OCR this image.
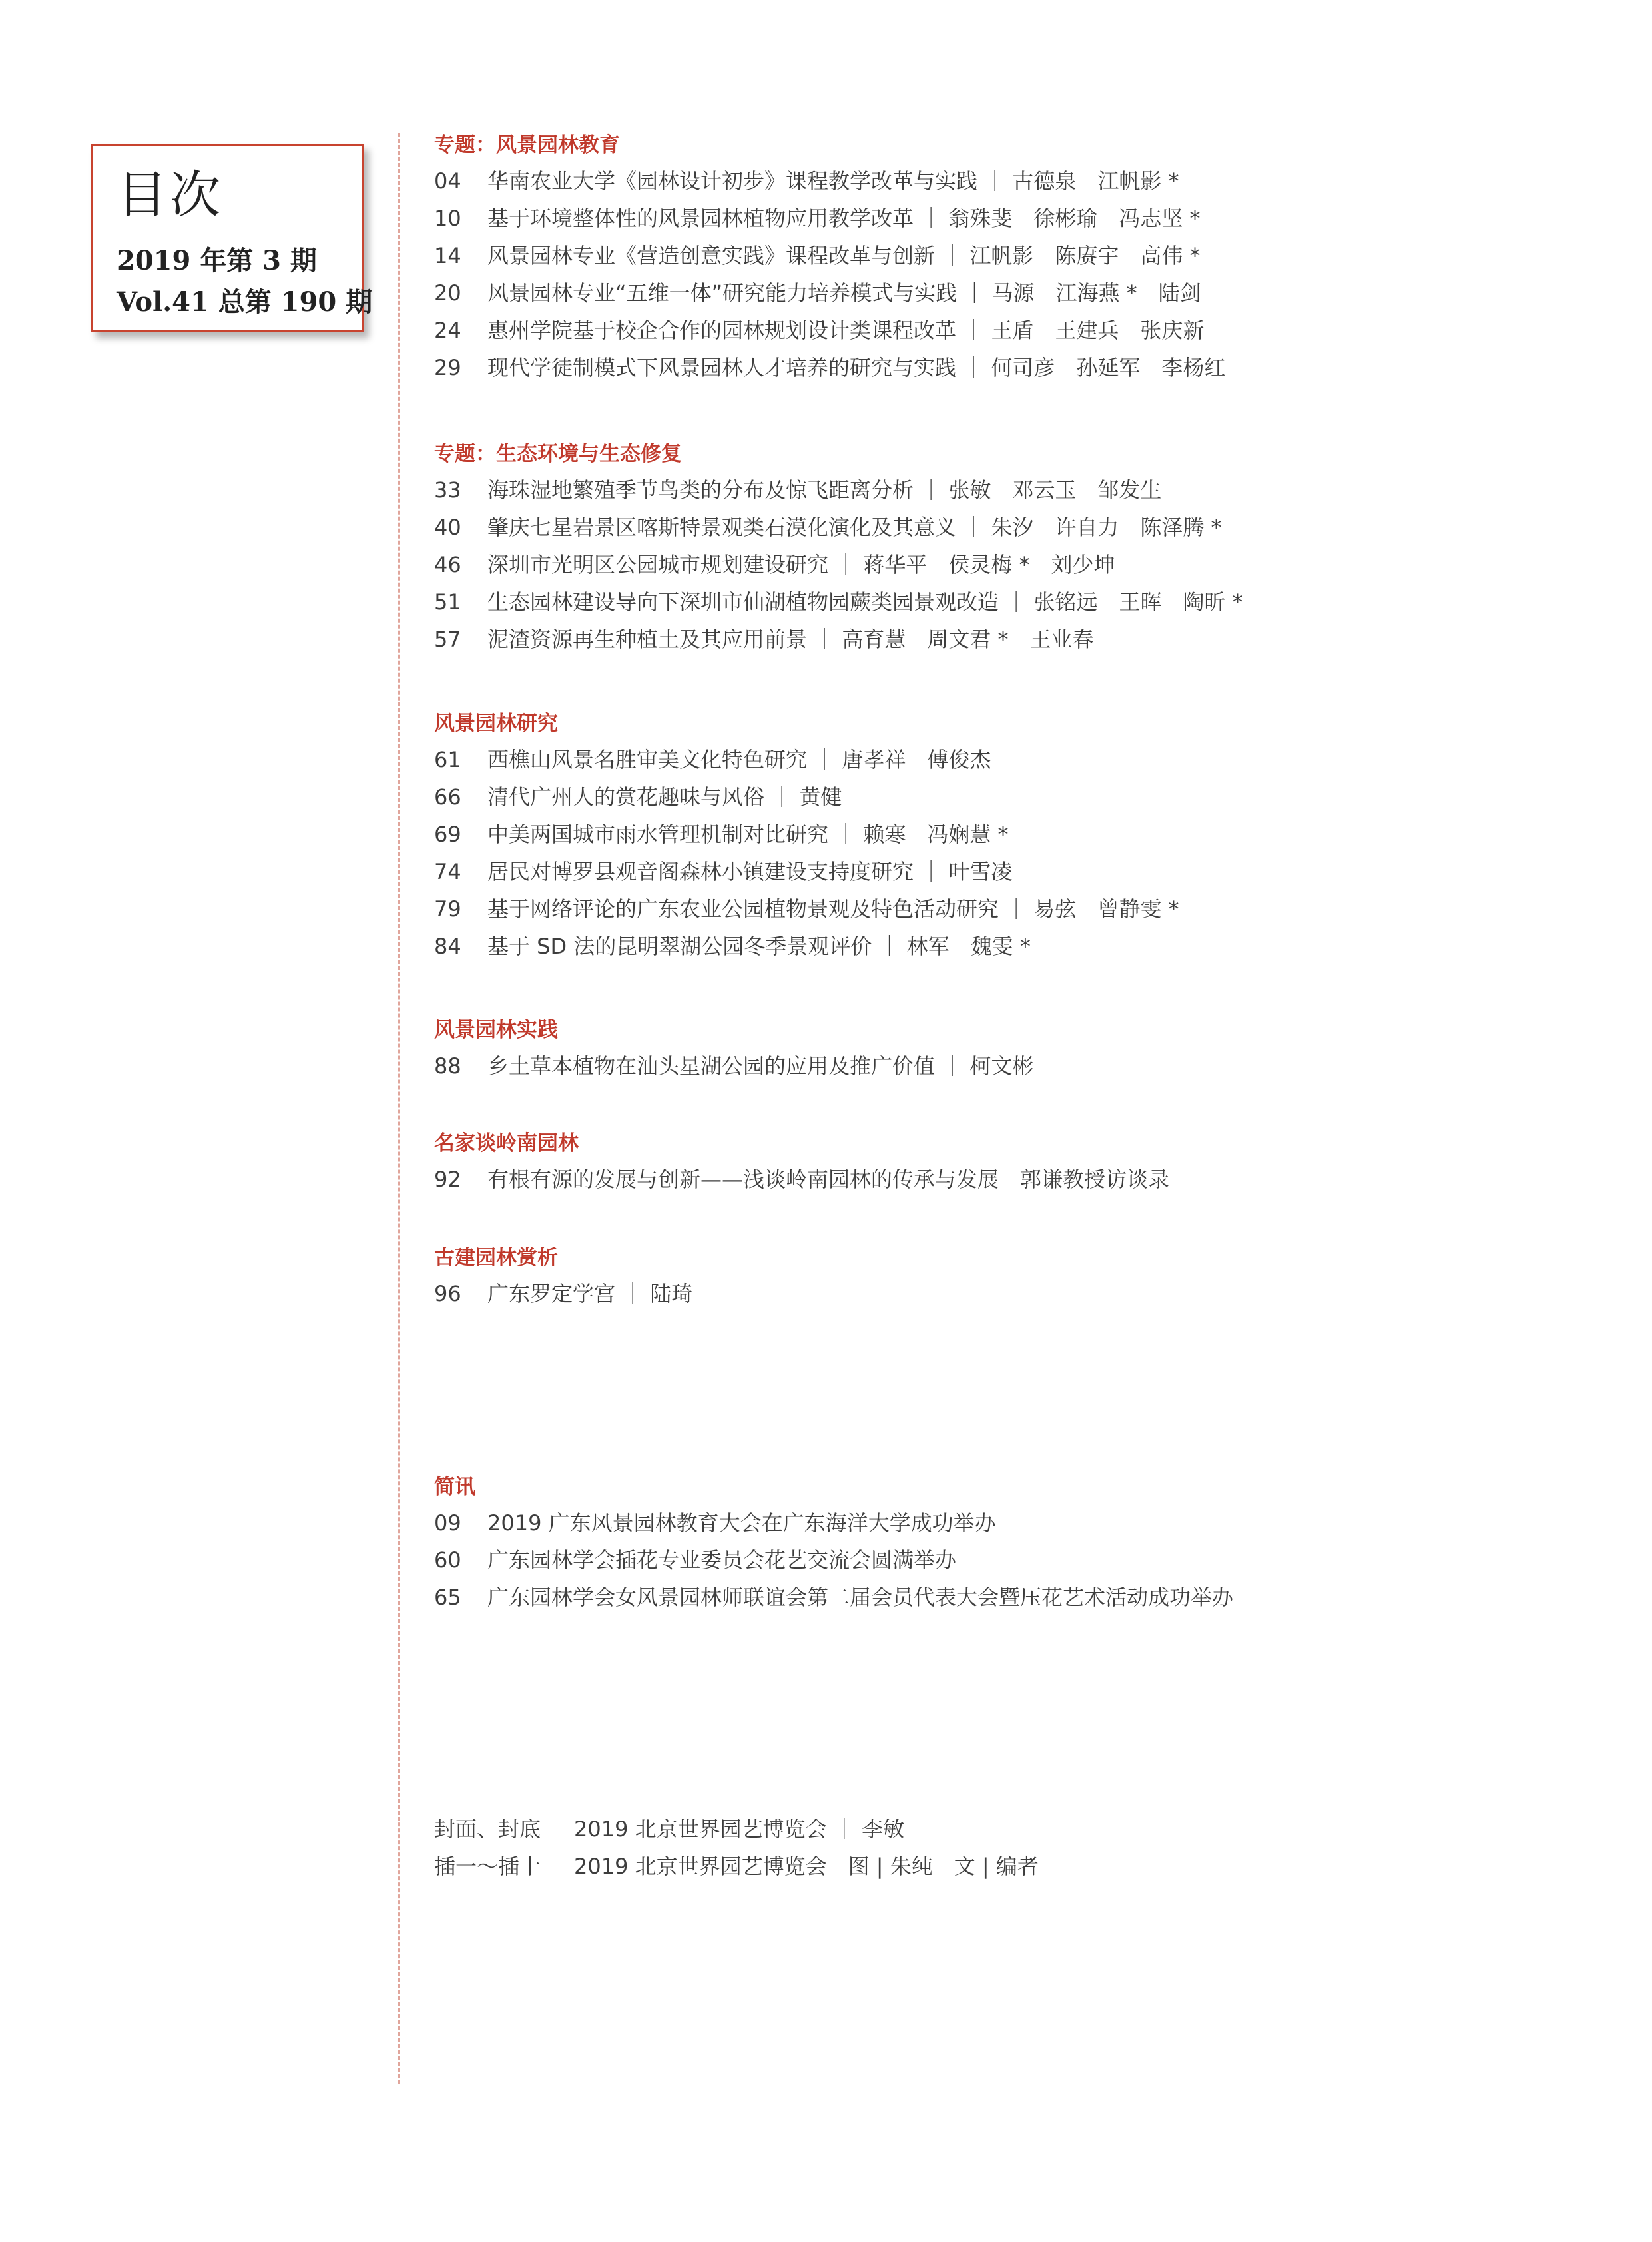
目次
2019 年第 3 期
Vol.41 总第 190 期
专题：风景园林教育
04 华南农业大学《园林设计初步》课程教学改革与实践 ｜ 古德泉　江帆影 *
10 基于环境整体性的风景园林植物应用教学改革 ｜ 翁殊斐　徐彬瑜　冯志坚 *
14 风景园林专业《营造创意实践》课程改革与创新 ｜ 江帆影　陈赓宇　高伟 *
20 风景园林专业“五维一体”研究能力培养模式与实践 ｜ 马源　江海燕 *　陆剑
24 惠州学院基于校企合作的园林规划设计类课程改革 ｜ 王盾　王建兵　张庆新
29 现代学徒制模式下风景园林人才培养的研究与实践 ｜ 何司彦　孙延军　李杨红
专题：生态环境与生态修复
33 海珠湿地繁殖季节鸟类的分布及惊飞距离分析 ｜ 张敏　邓云玉　邹发生
40 肇庆七星岩景区喀斯特景观类石漠化演化及其意义 ｜ 朱汐　许自力　陈泽腾 *
46 深圳市光明区公园城市规划建设研究 ｜ 蒋华平　侯灵梅 *　刘少坤
51 生态园林建设导向下深圳市仙湖植物园蕨类园景观改造 ｜ 张铭远　王晖　陶昕 *
57 泥渣资源再生种植土及其应用前景 ｜ 高育慧　周文君 *　王业春
风景园林研究
61 西樵山风景名胜审美文化特色研究 ｜ 唐孝祥　傅俊杰
66 清代广州人的赏花趣味与风俗 ｜ 黄健
69 中美两国城市雨水管理机制对比研究 ｜ 赖寒　冯娴慧 *
74 居民对博罗县观音阁森林小镇建设支持度研究 ｜ 叶雪凌
79 基于网络评论的广东农业公园植物景观及特色活动研究 ｜ 易弦　曾静雯 *
84 基于 SD 法的昆明翠湖公园冬季景观评价 ｜ 林军　魏雯 *
风景园林实践
88 乡土草本植物在汕头星湖公园的应用及推广价值 ｜ 柯文彬
名家谈岭南园林
92 有根有源的发展与创新——浅谈岭南园林的传承与发展　郭谦教授访谈录
古建园林赏析
96 广东罗定学宫 ｜ 陆琦
简讯
09 2019 广东风景园林教育大会在广东海洋大学成功举办
60 广东园林学会插花专业委员会花艺交流会圆满举办
65 广东园林学会女风景园林师联谊会第二届会员代表大会暨压花艺术活动成功举办
封面、封底 2019 北京世界园艺博览会 ｜ 李敏
插一～插十 2019 北京世界园艺博览会　图 | 朱纯　文 | 编者
